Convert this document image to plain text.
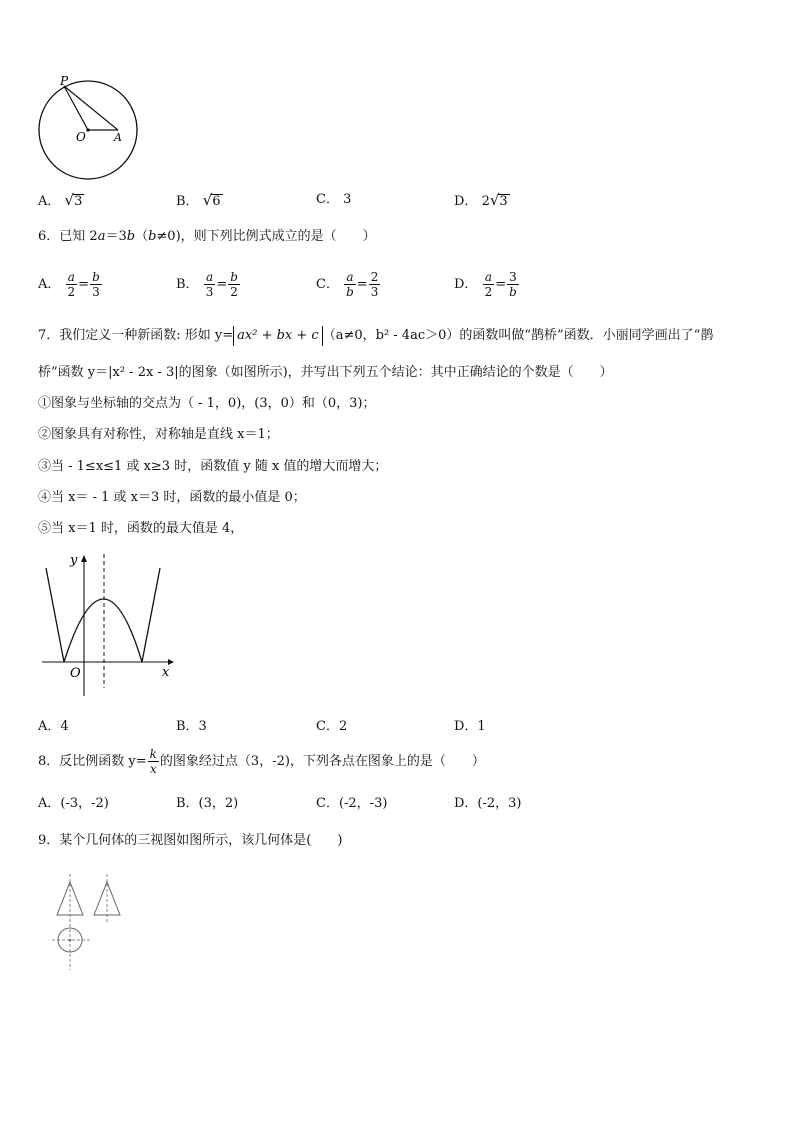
P
O	A
A． √3	B． √6	C． 3	D． 2√3
6．已知 2a＝3b（b≠0)，则下列比例式成立的是（　　）
A． $\frac{a}{2} = \frac{b}{3}$	B． $\frac{a}{3} = \frac{b}{2}$	C． $\frac{a}{b} = \frac{2}{3}$	D． $\frac{a}{2} = \frac{3}{b}$
7．我们定义一种新函数: 形如 y= ax² + bx + c （a≠0，b² - 4ac＞0）的函数叫做“鹊桥”函数．小丽同学画出了“鹊
桥”函数 y＝|x² - 2x - 3|的图象（如图所示)，并写出下列五个结论：其中正确结论的个数是（　　）
①图象与坐标轴的交点为（ - 1，0)，(3，0）和（0，3)；
②图象具有对称性，对称轴是直线 x＝1；
③当 - 1≤x≤1 或 x≥3 时，函数值 y 随 x 值的增大而增大；
④当 x＝ - 1 或 x＝3 时，函数的最小值是 0；
⑤当 x＝1 时，函数的最大值是 4，
y
x
O
A．4	B．3	C．2	D．1
8．反比例函数 $y= \frac{k}{x}$ 的图象经过点（3，-2)，下列各点在图象上的是（　　）
A．(-3，-2)	B．(3，2)	C．(-2，-3)	D．(-2，3)
9．某个几何体的三视图如图所示，该几何体是(　　)
